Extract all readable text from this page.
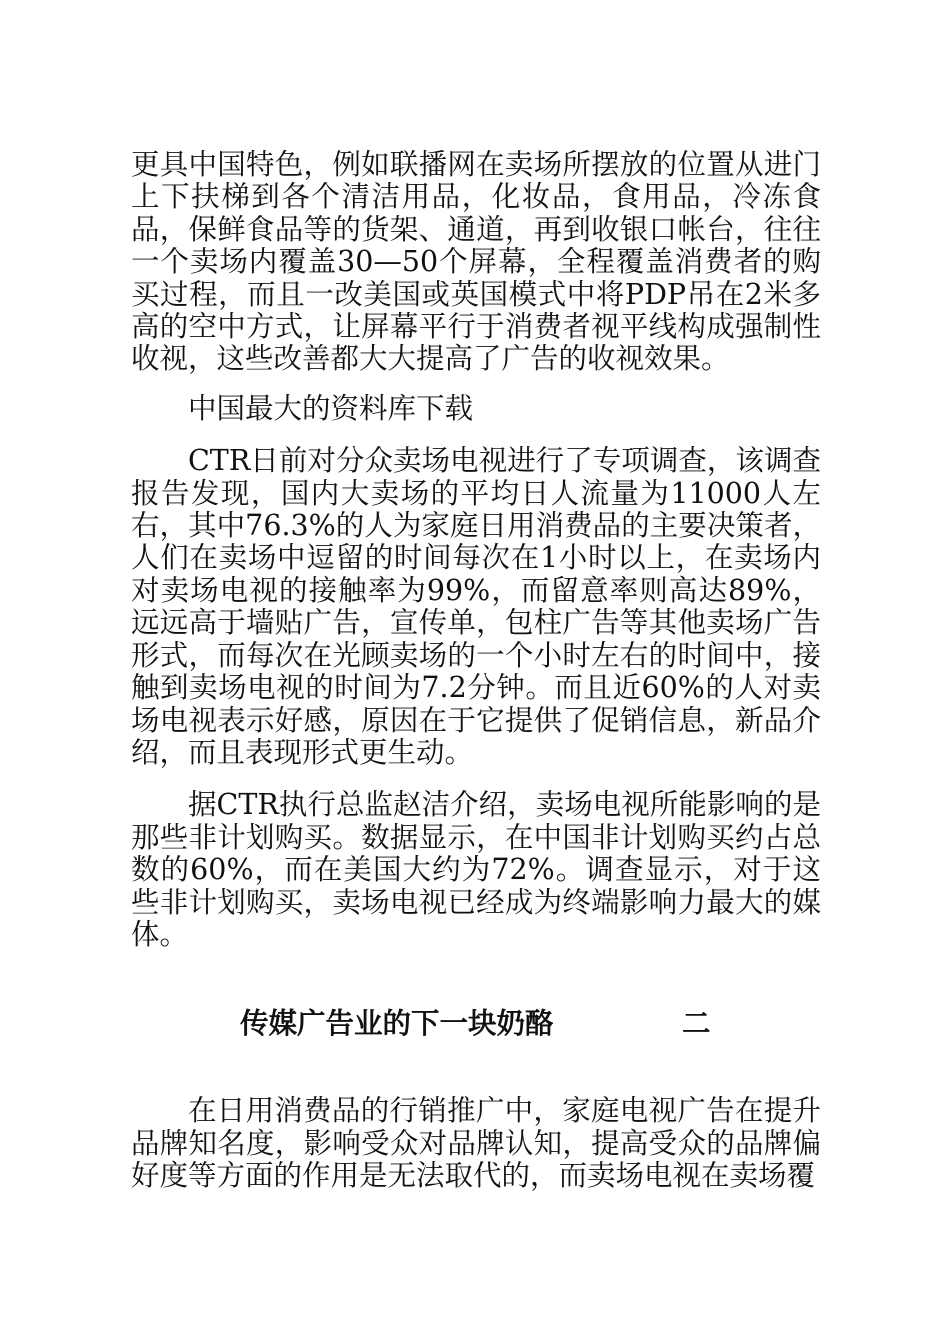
更具中国特色，例如联播网在卖场所摆放的位置从进门上下扶梯到各个清洁用品，化妆品，食用品，冷冻食品，保鲜食品等的货架、通道，再到收银口帐台，往往一个卖场内覆盖30—50个屏幕，全程覆盖消费者的购买过程，而且一改美国或英国模式中将PDP吊在2米多高的空中方式，让屏幕平行于消费者视平线构成强制性收视，这些改善都大大提高了广告的收视效果。

中国最大的资料库下载

CTR日前对分众卖场电视进行了专项调查，该调查报告发现，国内大卖场的平均日人流量为11000人左右，其中76.3%的人为家庭日用消费品的主要决策者，人们在卖场中逗留的时间每次在1小时以上，在卖场内对卖场电视的接触率为99%，而留意率则高达89%，远远高于墙贴广告，宣传单，包柱广告等其他卖场广告形式，而每次在光顾卖场的一个小时左右的时间中，接触到卖场电视的时间为7.2分钟。而且近60%的人对卖场电视表示好感，原因在于它提供了促销信息，新品介绍，而且表现形式更生动。

据CTR执行总监赵洁介绍，卖场电视所能影响的是那些非计划购买。数据显示，在中国非计划购买约占总数的60%，而在美国大约为72%。调查显示，对于这些非计划购买，卖场电视已经成为终端影响力最大的媒体。

传媒广告业的下一块奶酪	二

在日用消费品的行销推广中，家庭电视广告在提升品牌知名度，影响受众对品牌认知，提高受众的品牌偏好度等方面的作用是无法取代的，而卖场电视在卖场覆
